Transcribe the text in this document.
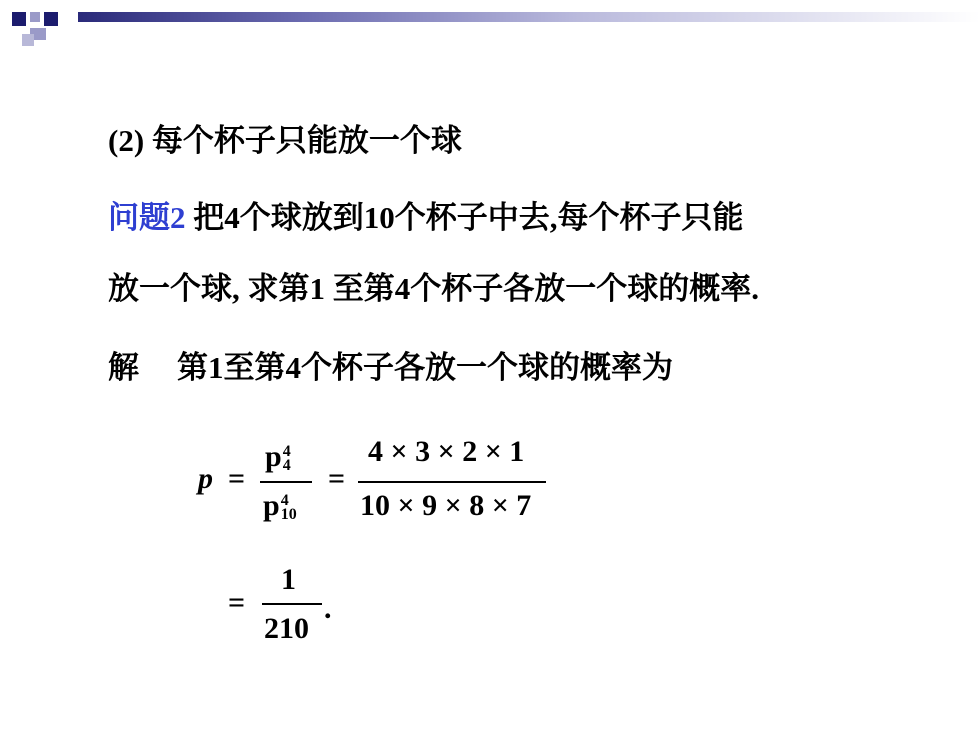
(2) 每个杯子只能放一个球
问题2 把4个球放到10个杯子中去,每个杯子只能
放一个球, 求第1 至第4个杯子各放一个球的概率.
解 第1至第4个杯子各放一个球的概率为
p =
p 4
4
p 4
10
=
4 × 3 × 2 × 1
10 × 9 × 8 × 7
=
1
210
.
